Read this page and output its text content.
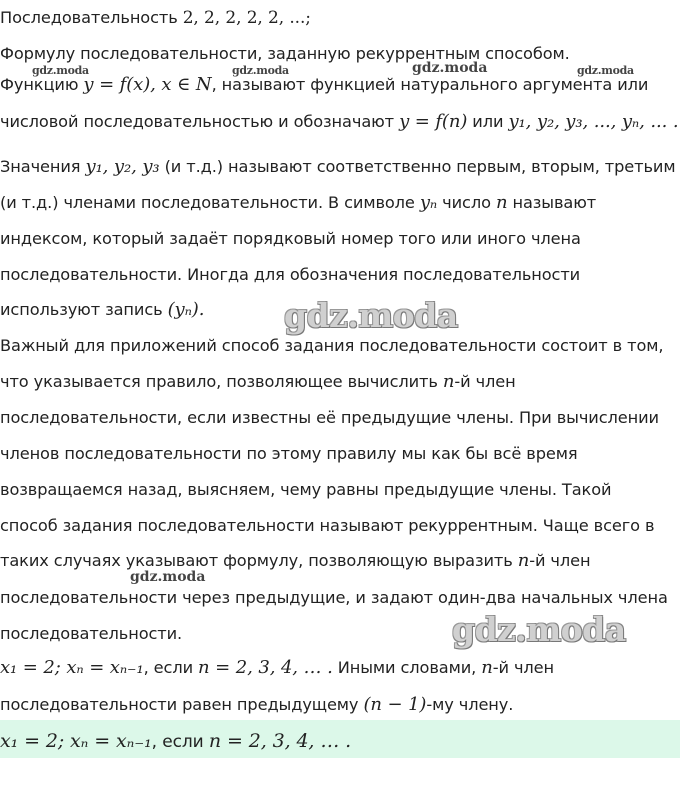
Последовательность 2, 2, 2, 2, 2, ...;
Формулу последовательности, заданную рекуррентным способом.
Функцию y = f(x), x ∈ N, называют функцией натурального аргумента или
числовой последовательностью и обозначают y = f(n) или y₁, y₂, y₃, ..., yₙ, ... .
Значения y₁, y₂, y₃ (и т.д.) называют соответственно первым, вторым, третьим
(и т.д.) членами последовательности. В символе yₙ число n называют
индексом, который задаёт порядковый номер того или иного члена
последовательности. Иногда для обозначения последовательности
используют запись (yₙ).
Важный для приложений способ задания последовательности состоит в том,
что указывается правило, позволяющее вычислить n-й член
последовательности, если известны её предыдущие члены. При вычислении
членов последовательности по этому правилу мы как бы всё время
возвращаемся назад, выясняем, чему равны предыдущие члены. Такой
способ задания последовательности называют рекуррентным. Чаще всего в
таких случаях указывают формулу, позволяющую выразить n-й член
последовательности через предыдущие, и задают один-два начальных члена
последовательности.
x₁ = 2; xₙ = xₙ₋₁, если n = 2, 3, 4, … . Иными словами, n-й член
последовательности равен предыдущему (n − 1)-му члену.
x₁ = 2; xₙ = xₙ₋₁, если n = 2, 3, 4, … .
gdz.moda	gdz.moda	gdz.moda	gdz.moda
gdz.moda
gdz.moda
gdz.moda
